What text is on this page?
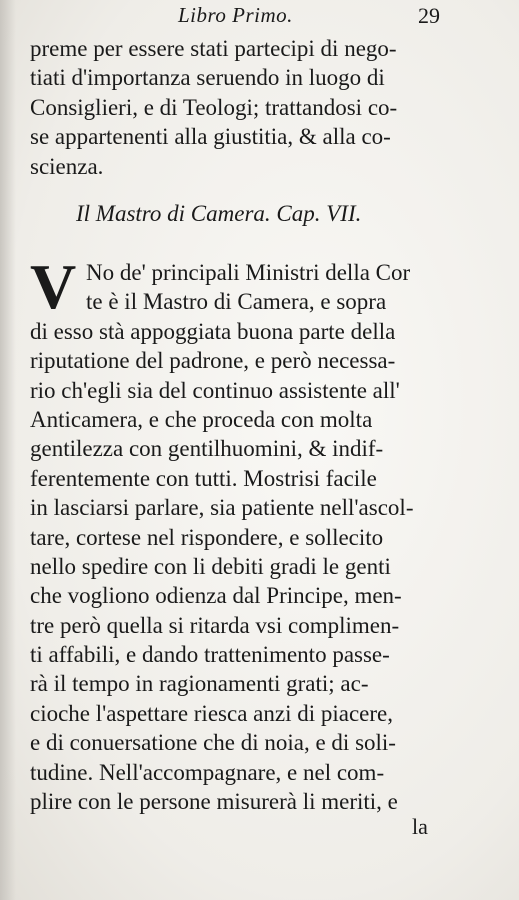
Libro Primo.	29
preme per essere stati partecipi di nego-
tiati d'importanza seruendo in luogo di
Consiglieri, e di Teologi; trattandosi co-
se appartenenti alla giustitia, & alla co-
scienza.
Il Mastro di Camera. Cap. VII.
V No de' principali Ministri della Cor
te è il Mastro di Camera, e sopra
di esso stà appoggiata buona parte della
riputatione del padrone, e però necessa-
rio ch'egli sia del continuo assistente all'
Anticamera, e che proceda con molta
gentilezza con gentilhuomini, & indif-
ferentemente con tutti. Mostrisi facile
in lasciarsi parlare, sia patiente nell'ascol-
tare, cortese nel rispondere, e sollecito
nello spedire con li debiti gradi le genti
che vogliono odienza dal Principe, men-
tre però quella si ritarda vsi complimen-
ti affabili, e dando trattenimento passe-
rà il tempo in ragionamenti grati; ac-
cioche l'aspettare riesca anzi di piacere,
e di conuersatione che di noia, e di soli-
tudine. Nell'accompagnare, e nel com-
plire con le persone misurerà li meriti, e
la
